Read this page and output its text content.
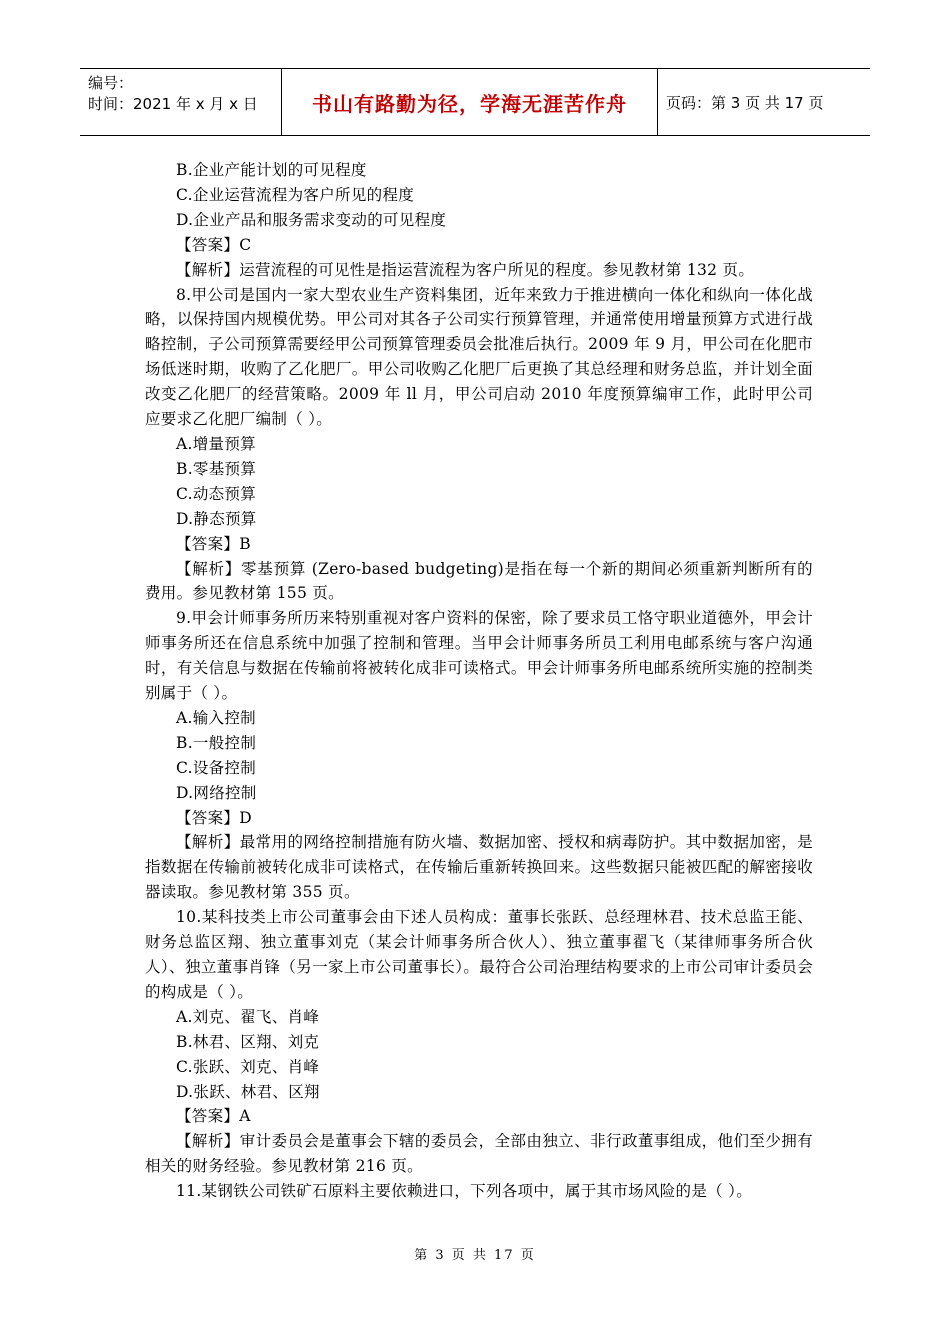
编号：
时间：2021 年 x 月 x 日	书山有路勤为径，学海无涯苦作舟	页码：第 3 页 共 17 页

B.企业产能计划的可见程度

C.企业运营流程为客户所见的程度

D.企业产品和服务需求变动的可见程度

【答案】C

【解析】运营流程的可见性是指运营流程为客户所见的程度。参见教材第 132 页。

8.甲公司是国内一家大型农业生产资料集团，近年来致力于推进横向一体化和纵向一体化战略，以保持国内规模优势。甲公司对其各子公司实行预算管理，并通常使用增量预算方式进行战略控制，子公司预算需要经甲公司预算管理委员会批准后执行。2009 年 9 月，甲公司在化肥市场低迷时期，收购了乙化肥厂。甲公司收购乙化肥厂后更换了其总经理和财务总监，并计划全面改变乙化肥厂的经营策略。2009 年 ll 月，甲公司启动 2010 年度预算编审工作，此时甲公司应要求乙化肥厂编制（ ）。

A.增量预算

B.零基预算

C.动态预算

D.静态预算

【答案】B

【解析】零基预算 (Zero-based budgeting)是指在每一个新的期间必须重新判断所有的费用。参见教材第 155 页。

9.甲会计师事务所历来特别重视对客户资料的保密，除了要求员工恪守职业道德外，甲会计师事务所还在信息系统中加强了控制和管理。当甲会计师事务所员工利用电邮系统与客户沟通时，有关信息与数据在传输前将被转化成非可读格式。甲会计师事务所电邮系统所实施的控制类别属于（ ）。

A.输入控制

B.一般控制

C.设备控制

D.网络控制

【答案】D

【解析】最常用的网络控制措施有防火墙、数据加密、授权和病毒防护。其中数据加密，是指数据在传输前被转化成非可读格式，在传输后重新转换回来。这些数据只能被匹配的解密接收器读取。参见教材第 355 页。

10.某科技类上市公司董事会由下述人员构成：董事长张跃、总经理林君、技术总监王能、财务总监区翔、独立董事刘克（某会计师事务所合伙人）、独立董事翟飞（某律师事务所合伙人）、独立董事肖锋（另一家上市公司董事长）。最符合公司治理结构要求的上市公司审计委员会的构成是（ ）。

A.刘克、翟飞、肖峰

B.林君、区翔、刘克

C.张跃、刘克、肖峰

D.张跃、林君、区翔

【答案】A

【解析】审计委员会是董事会下辖的委员会，全部由独立、非行政董事组成，他们至少拥有相关的财务经验。参见教材第 216 页。

11.某钢铁公司铁矿石原料主要依赖进口，下列各项中，属于其市场风险的是（ ）。

第 3 页 共 17 页
